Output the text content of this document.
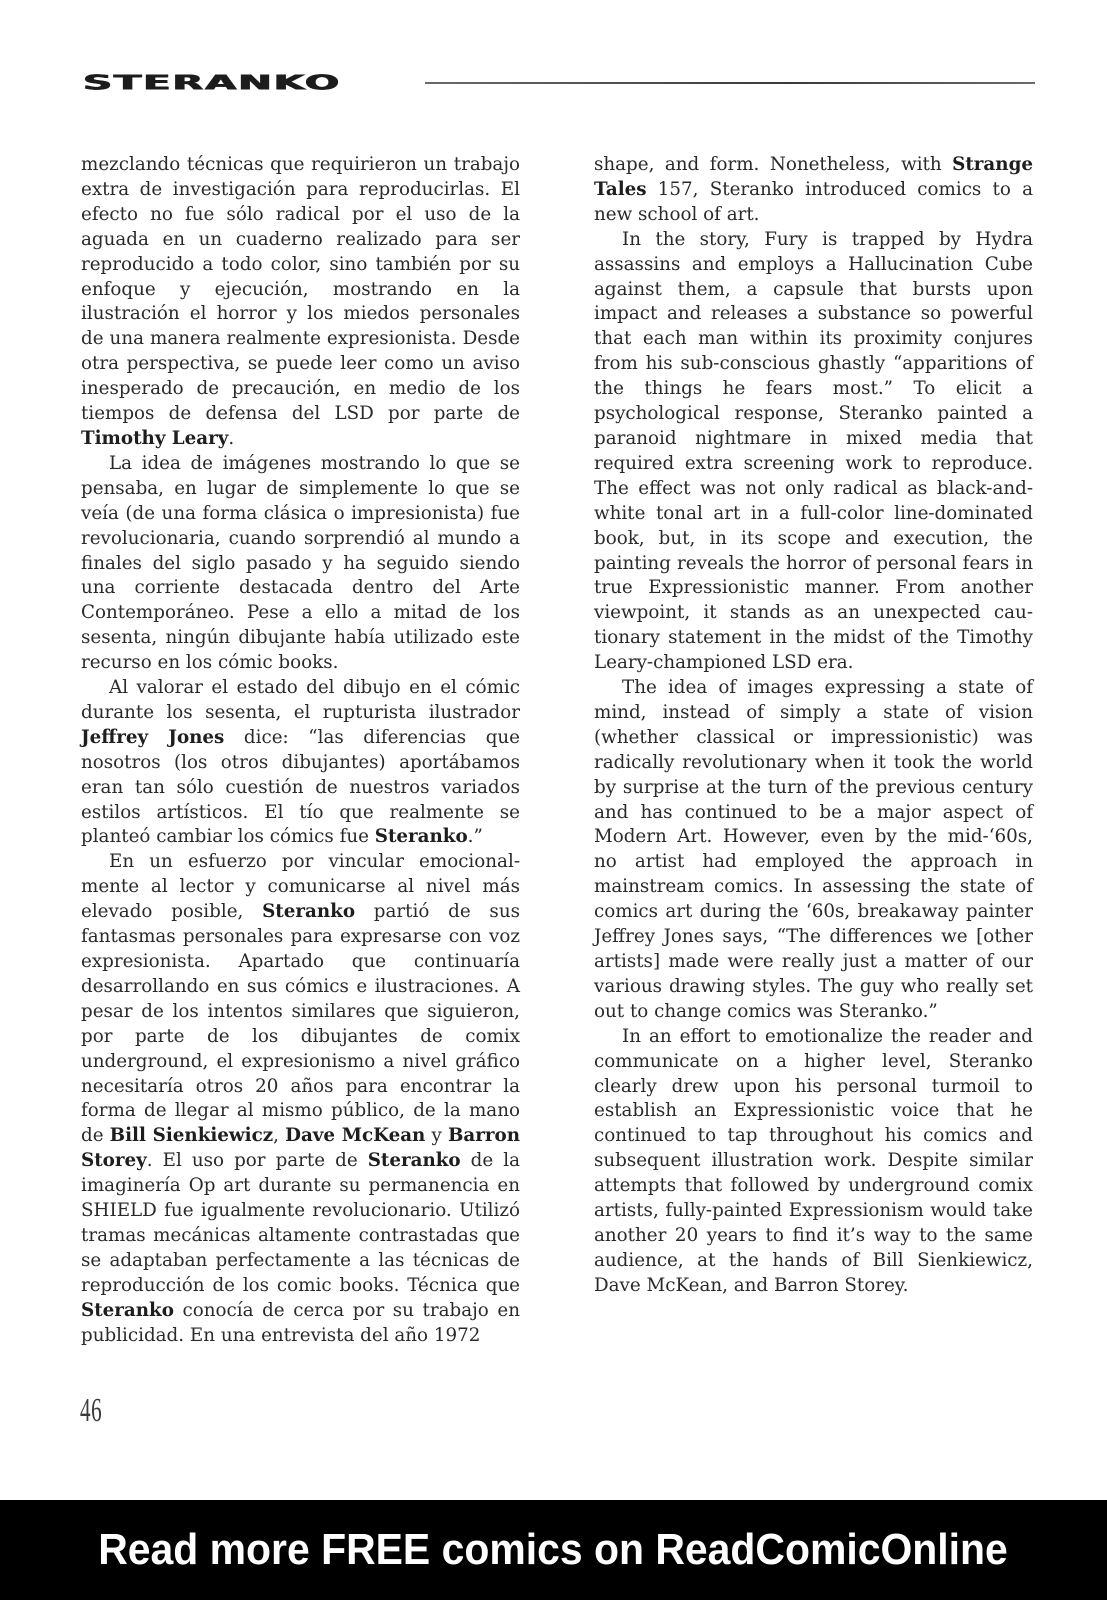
STERANKO

mezclando técnicas que requirieron un trabajo extra de investigación para reproducirlas. El efecto no fue sólo radical por el uso de la aguada en un cuaderno realizado para ser reproducido a todo color, sino también por su enfoque y ejecución, mostrando en la ilustración el horror y los miedos personales de una manera realmente expresionista. Desde otra perspectiva, se puede leer como un aviso inesperado de precaución, en medio de los tiempos de defensa del LSD por parte de Timothy Leary.

La idea de imágenes mostrando lo que se pensaba, en lugar de simplemente lo que se veía (de una forma clásica o impresionista) fue revolucionaria, cuando sorprendió al mundo a finales del siglo pasado y ha seguido siendo una corriente destacada dentro del Arte Contemporáneo. Pese a ello a mitad de los sesenta, ningún dibujante había utilizado este recurso en los cómic books.

Al valorar el estado del dibujo en el cómic durante los sesenta, el rupturista ilustrador Jeffrey Jones dice: “las diferencias que nosotros (los otros dibujantes) aportábamos eran tan sólo cuestión de nuestros variados estilos artísticos. El tío que realmente se planteó cambiar los cómics fue Steranko.”

En un esfuerzo por vincular emocionalmente al lector y comunicarse al nivel más elevado posible, Steranko partió de sus fantasmas personales para expresarse con voz expresionista. Apartado que continuaría desarrollando en sus cómics e ilustraciones. A pesar de los intentos similares que siguieron, por parte de los dibujantes de comix underground, el expresionismo a nivel gráfico necesitaría otros 20 años para encontrar la forma de llegar al mismo público, de la mano de Bill Sienkiewicz, Dave McKean y Barron Storey. El uso por parte de Steranko de la imaginería Op art durante su permanencia en SHIELD fue igualmente revolucionario. Utilizó tramas mecánicas altamente contrastadas que se adaptaban perfectamente a las técnicas de reproducción de los comic books. Técnica que Steranko conocía de cerca por su trabajo en publicidad. En una entrevista del año 1972

shape, and form. Nonetheless, with Strange Tales 157, Steranko introduced comics to a new school of art.

In the story, Fury is trapped by Hydra assassins and employs a Hallucination Cube against them, a capsule that bursts upon impact and releases a substance so powerful that each man within its proximity conjures from his sub-conscious ghastly “apparitions of the things he fears most.” To elicit a psychological response, Steranko painted a paranoid nightmare in mixed media that required extra screening work to reproduce. The effect was not only radical as black-and-white tonal art in a full-color line-dominated book, but, in its scope and execution, the painting reveals the horror of personal fears in true Expressionistic manner. From another viewpoint, it stands as an unexpected cautionary statement in the midst of the Timothy Leary-championed LSD era.

The idea of images expressing a state of mind, instead of simply a state of vision (whether classical or impressionistic) was radically revolutionary when it took the world by surprise at the turn of the previous century and has continued to be a major aspect of Modern Art. However, even by the mid-‘60s, no artist had employed the approach in mainstream comics. In assessing the state of comics art during the ‘60s, breakaway painter Jeffrey Jones says, “The differences we [other artists] made were really just a matter of our various drawing styles. The guy who really set out to change comics was Steranko.”

In an effort to emotionalize the reader and communicate on a higher level, Steranko clearly drew upon his personal turmoil to establish an Expressionistic voice that he continued to tap throughout his comics and subsequent illustration work. Despite similar attempts that followed by underground comix artists, fully-painted Expressionism would take another 20 years to find it’s way to the same audience, at the hands of Bill Sienkiewicz, Dave McKean, and Barron Storey.

46
Read more FREE comics on ReadComicOnline
